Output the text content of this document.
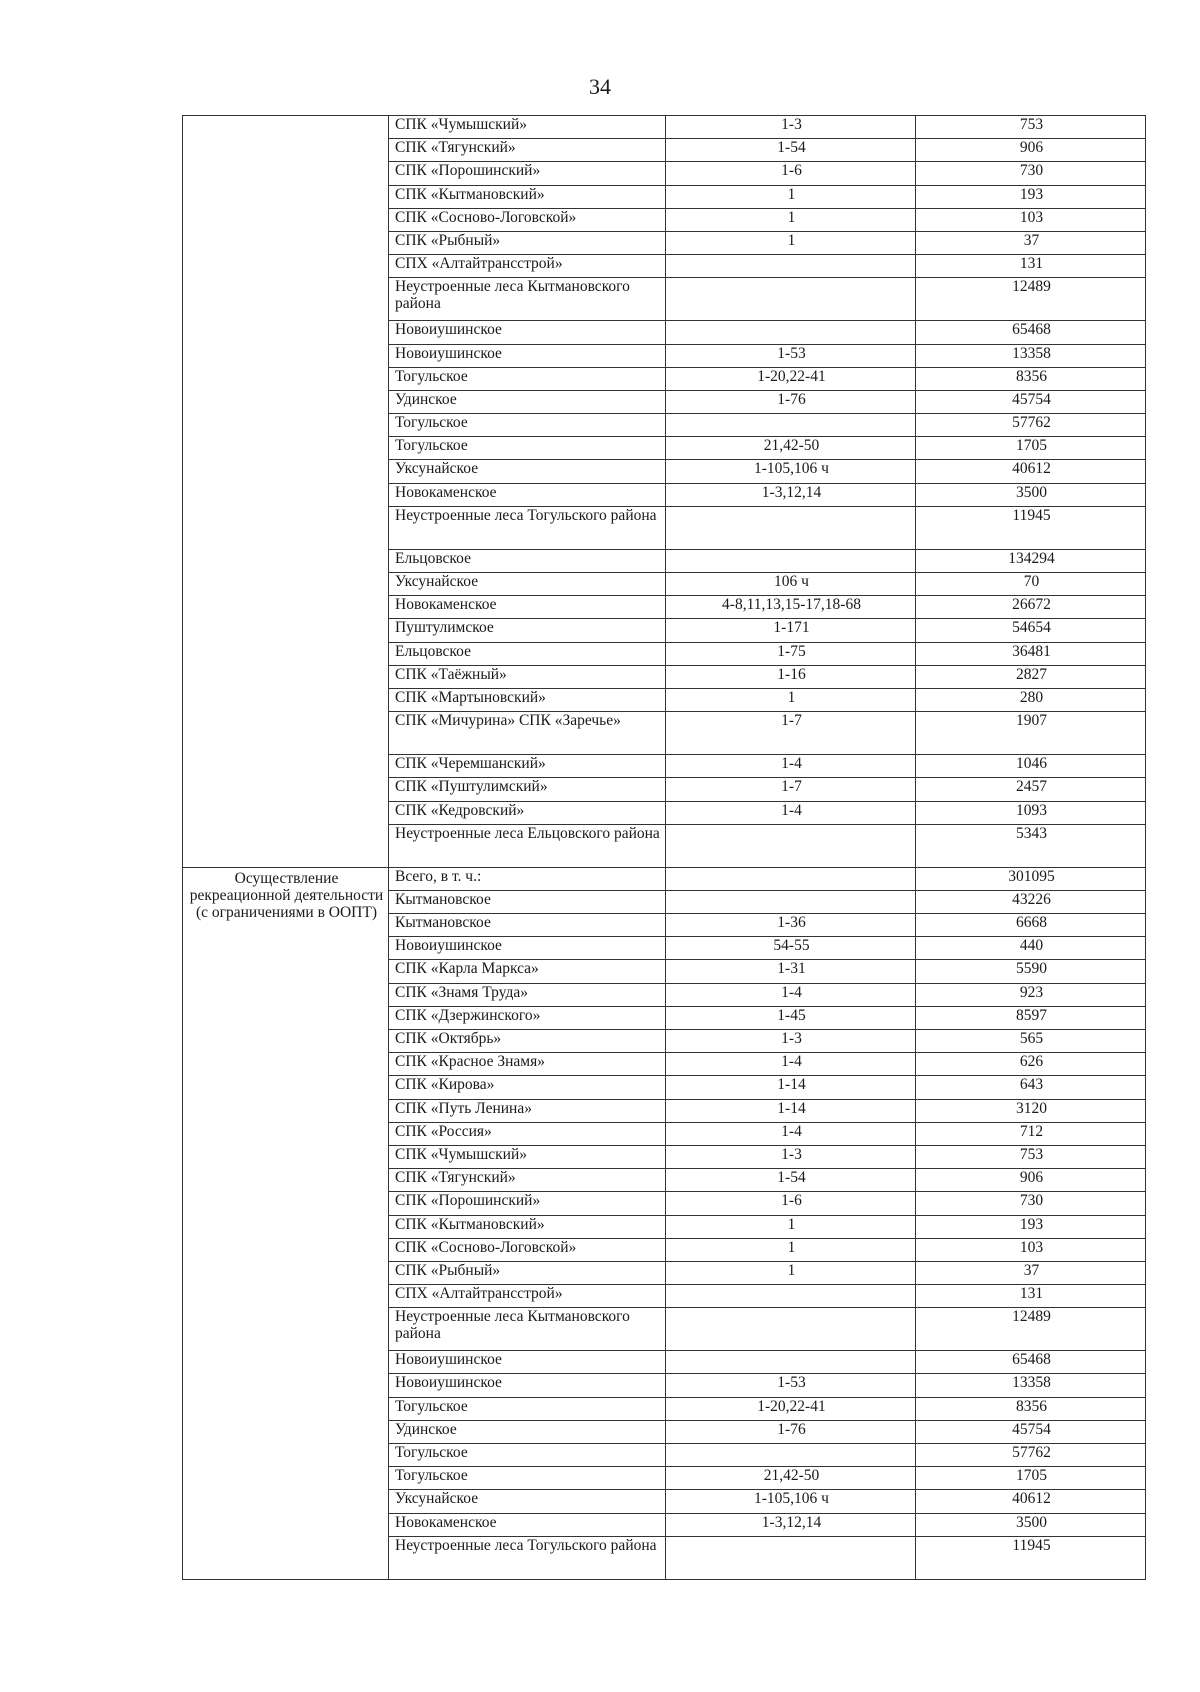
34
	СПК «Чумышский»	1-3	753
	СПК «Тягунский»	1-54	906
	СПК «Порошинский»	1-6	730
	СПК «Кытмановский»	1	193
	СПК «Сосново-Логовской»	1	103
	СПК «Рыбный»	1	37
	СПХ «Алтайтрансстрой»		131
	Неустроенные леса Кытмановского района		12489
	Новоиушинское		65468
	Новоиушинское	1-53	13358
	Тогульское	1-20,22-41	8356
	Удинское	1-76	45754
	Тогульское		57762
	Тогульское	21,42-50	1705
	Уксунайское	1-105,106 ч	40612
	Новокаменское	1-3,12,14	3500
	Неустроенные леса Тогульского района		11945
	Ельцовское		134294
	Уксунайское	106 ч	70
	Новокаменское	4-8,11,13,15-17,18-68	26672
	Пуштулимское	1-171	54654
	Ельцовское	1-75	36481
	СПК «Таёжный»	1-16	2827
	СПК «Мартыновский»	1	280
	СПК «Мичурина» СПК «Заречье»	1-7	1907
	СПК «Черемшанский»	1-4	1046
	СПК «Пуштулимский»	1-7	2457
	СПК «Кедровский»	1-4	1093
	Неустроенные леса Ельцовского района		5343
Осуществление рекреационной деятельности (с ограничениями в ООПТ)	Всего, в т. ч.:		301095
	Кытмановское		43226
	Кытмановское	1-36	6668
	Новоиушинское	54-55	440
	СПК «Карла Маркса»	1-31	5590
	СПК «Знамя Труда»	1-4	923
	СПК «Дзержинского»	1-45	8597
	СПК «Октябрь»	1-3	565
	СПК «Красное Знамя»	1-4	626
	СПК «Кирова»	1-14	643
	СПК «Путь Ленина»	1-14	3120
	СПК «Россия»	1-4	712
	СПК «Чумышский»	1-3	753
	СПК «Тягунский»	1-54	906
	СПК «Порошинский»	1-6	730
	СПК «Кытмановский»	1	193
	СПК «Сосново-Логовской»	1	103
	СПК «Рыбный»	1	37
	СПХ «Алтайтрансстрой»		131
	Неустроенные леса Кытмановского района		12489
	Новоиушинское		65468
	Новоиушинское	1-53	13358
	Тогульское	1-20,22-41	8356
	Удинское	1-76	45754
	Тогульское		57762
	Тогульское	21,42-50	1705
	Уксунайское	1-105,106 ч	40612
	Новокаменское	1-3,12,14	3500
	Неустроенные леса Тогульского района		11945
